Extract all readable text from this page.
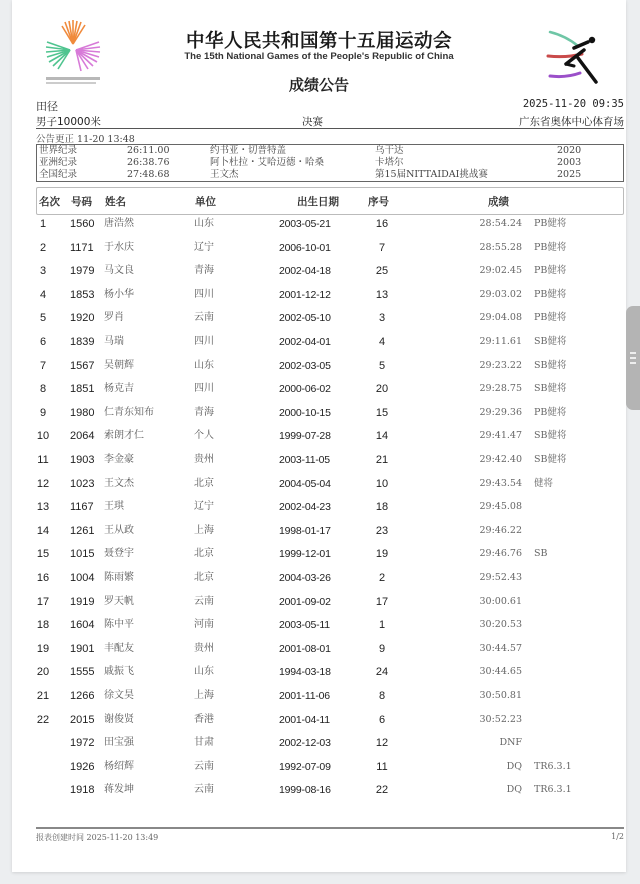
中华人民共和国第十五届运动会
The 15th National Games of the People's Republic of China
成绩公告
田径	2025-11-20 09:35
男子10000米	决赛	广东省奥体中心体育场
公告更正 11-20 13:48
世界纪录	26:11.00	约书亚・切普特盖	乌干达	2020
亚洲纪录	26:38.76	阿卜杜拉・艾哈迈德・哈桑	卡塔尔	2003
全国纪录	27:48.68	王文杰	第15届NITTAIDAI挑战赛	2025
名次 号码 姓名	单位	出生日期	序号	成绩
1	1560 唐浩然	山东	2003-05-21	16	28:54.24 PB健将
2	1171 于水庆	辽宁	2006-10-01	7	28:55.28 PB健将
3	1979 马文良	青海	2002-04-18	25	29:02.45 PB健将
4	1853 杨小华	四川	2001-12-12	13	29:03.02 PB健将
5	1920 罗肖	云南	2002-05-10	3	29:04.08 PB健将
6	1839 马瑞	四川	2002-04-01	4	29:11.61 SB健将
7	1567 吴朝辉	山东	2002-03-05	5	29:23.22 SB健将
8	1851 杨克吉	四川	2000-06-02	20	29:28.75 SB健将
9	1980 仁青东知布	青海	2000-10-15	15	29:29.36 PB健将
10	2064 索朗才仁	个人	1999-07-28	14	29:41.47 SB健将
11	1903 李金豪	贵州	2003-11-05	21	29:42.40 SB健将
12	1023 王文杰	北京	2004-05-04	10	29:43.54 健将
13	1167 王琪	辽宁	2002-04-23	18	29:45.08
14	1261 王从政	上海	1998-01-17	23	29:46.22
15	1015 聂登宇	北京	1999-12-01	19	29:46.76 SB
16	1004 陈雨繁	北京	2004-03-26	2	29:52.43
17	1919 罗天帆	云南	2001-09-02	17	30:00.61
18	1604 陈中平	河南	2003-05-11	1	30:20.53
19	1901 丰配友	贵州	2001-08-01	9	30:44.57
20	1555 戚振飞	山东	1994-03-18	24	30:44.65
21	1266 徐文昊	上海	2001-11-06	8	30:50.81
22	2015 谢俊贤	香港	2001-04-11	6	30:52.23
1972 田宝强	甘肃	2002-12-03	12	DNF
1926 杨绍辉	云南	1992-07-09	11	DQ TR6.3.1
1918 蒋发坤	云南	1999-08-16	22	DQ TR6.3.1
报表创建时间 2025-11-20 13:49	1/2
